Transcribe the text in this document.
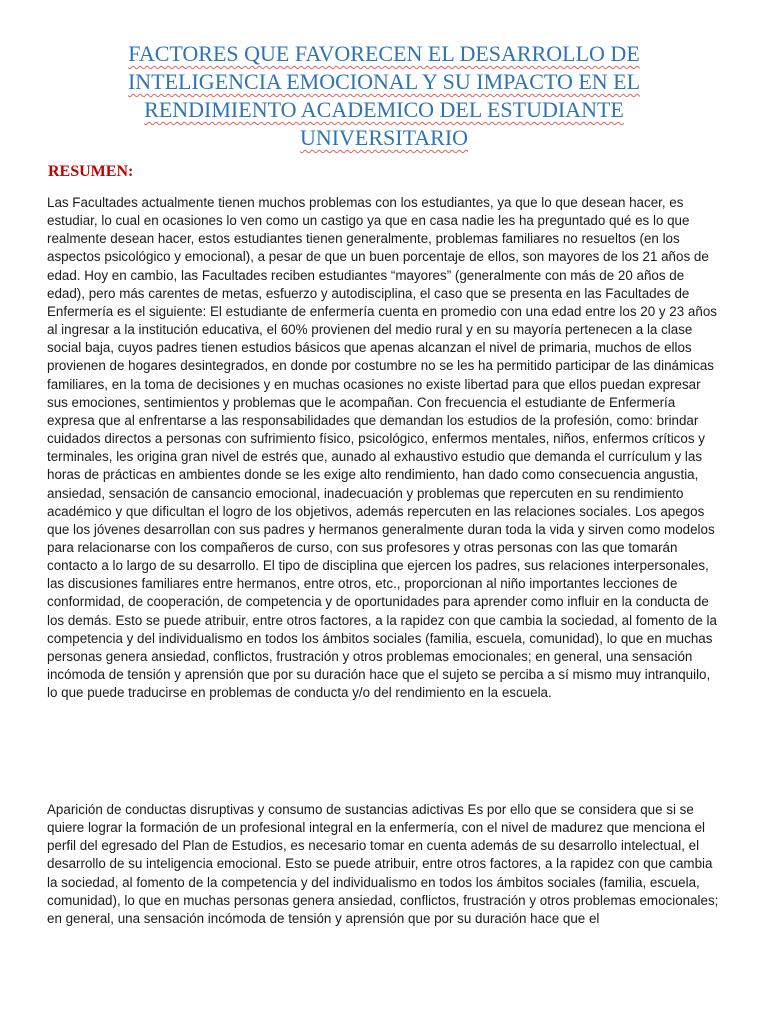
FACTORES QUE FAVORECEN EL DESARROLLO DE INTELIGENCIA EMOCIONAL Y SU IMPACTO EN EL RENDIMIENTO ACADEMICO DEL ESTUDIANTE UNIVERSITARIO
RESUMEN:

Las Facultades actualmente tienen muchos problemas con los estudiantes, ya que lo que desean hacer, es estudiar, lo cual en ocasiones lo ven como un castigo ya que en casa nadie les ha preguntado qué es lo que realmente desean hacer, estos estudiantes tienen generalmente, problemas familiares no resueltos (en los aspectos psicológico y emocional), a pesar de que un buen porcentaje de ellos, son mayores de los 21 años de edad. Hoy en cambio, las Facultades reciben estudiantes “mayores” (generalmente con más de 20 años de edad), pero más carentes de metas, esfuerzo y autodisciplina, el caso que se presenta en las Facultades de Enfermería es el siguiente: El estudiante de enfermería cuenta en promedio con una edad entre los 20 y 23 años al ingresar a la institución educativa, el 60% provienen del medio rural y en su mayoría pertenecen a la clase social baja, cuyos padres tienen estudios básicos que apenas alcanzan el nivel de primaria, muchos de ellos provienen de hogares desintegrados, en donde por costumbre no se les ha permitido participar de las dinámicas familiares, en la toma de decisiones y en muchas ocasiones no existe libertad para que ellos puedan expresar sus emociones, sentimientos y problemas que le acompañan. Con frecuencia el estudiante de Enfermería expresa que al enfrentarse a las responsabilidades que demandan los estudios de la profesión, como: brindar cuidados directos a personas con sufrimiento físico, psicológico, enfermos mentales, niños, enfermos críticos y terminales, les origina gran nivel de estrés que, aunado al exhaustivo estudio que demanda el currículum y las horas de prácticas en ambientes donde se les exige alto rendimiento, han dado como consecuencia angustia, ansiedad, sensación de cansancio emocional, inadecuación y problemas que repercuten en su rendimiento académico y que dificultan el logro de los objetivos, además repercuten en las relaciones sociales. Los apegos que los jóvenes desarrollan con sus padres y hermanos generalmente duran toda la vida y sirven como modelos para relacionarse con los compañeros de curso, con sus profesores y otras personas con las que tomarán contacto a lo largo de su desarrollo. El tipo de disciplina que ejercen los padres, sus relaciones interpersonales, las discusiones familiares entre hermanos, entre otros, etc., proporcionan al niño importantes lecciones de conformidad, de cooperación, de competencia y de oportunidades para aprender como influir en la conducta de los demás. Esto se puede atribuir, entre otros factores, a la rapidez con que cambia la sociedad, al fomento de la competencia y del individualismo en todos los ámbitos sociales (familia, escuela, comunidad), lo que en muchas personas genera ansiedad, conflictos, frustración y otros problemas emocionales; en general, una sensación incómoda de tensión y aprensión que por su duración hace que el sujeto se perciba a sí mismo muy intranquilo, lo que puede traducirse en problemas de conducta y/o del rendimiento en la escuela.

Aparición de conductas disruptivas y consumo de sustancias adictivas Es por ello que se considera que si se quiere lograr la formación de un profesional integral en la enfermería, con el nivel de madurez que menciona el perfil del egresado del Plan de Estudios, es necesario tomar en cuenta además de su desarrollo intelectual, el desarrollo de su inteligencia emocional. Esto se puede atribuir, entre otros factores, a la rapidez con que cambia la sociedad, al fomento de la competencia y del individualismo en todos los ámbitos sociales (familia, escuela, comunidad), lo que en muchas personas genera ansiedad, conflictos, frustración y otros problemas emocionales; en general, una sensación incómoda de tensión y aprensión que por su duración hace que el
